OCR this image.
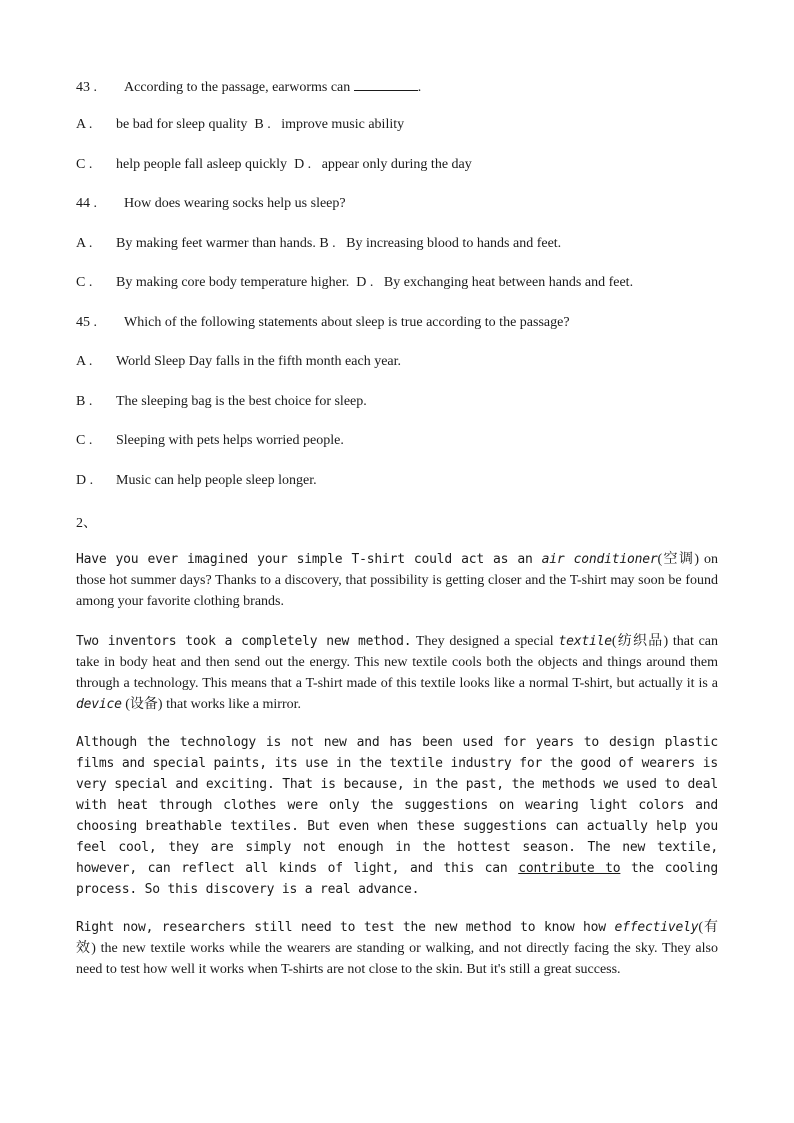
43 . According to the passage, earworms can	.
A . be bad for sleep quality B . improve music ability
C . help people fall asleep quickly D . appear only during the day
44 . How does wearing socks help us sleep?
A . By making feet warmer than hands. B . By increasing blood to hands and feet.
C . By making core body temperature higher. D . By exchanging heat between hands and feet.
45 . Which of the following statements about sleep is true according to the passage?
A . World Sleep Day falls in the fifth month each year.
B . The sleeping bag is the best choice for sleep.
C . Sleeping with pets helps worried people.
D . Music can help people sleep longer.
2、
Have you ever imagined your simple T-shirt could act as an air conditioner(空调) on those hot summer days? Thanks to a discovery, that possibility is getting closer and the T-shirt may soon be found among your favorite clothing brands.
Two inventors took a completely new method. They designed a special textile(纺织品) that can take in body heat and then send out the energy. This new textile cools both the objects and things around them through a technology. This means that a T-shirt made of this textile looks like a normal T-shirt, but actually it is a device (设备) that works like a mirror.
Although the technology is not new and has been used for years to design plastic films and special paints, its use in the textile industry for the good of wearers is very special and exciting. That is because, in the past, the methods we used to deal with heat through clothes were only the suggestions on wearing light colors and choosing breathable textiles. But even when these suggestions can actually help you feel cool, they are simply not enough in the hottest season. The new textile, however, can reflect all kinds of light, and this can contribute to the cooling process. So this discovery is a real advance.
Right now, researchers still need to test the new method to know how effectively(有效) the new textile works while the wearers are standing or walking, and not directly facing the sky. They also need to test how well it works when T-shirts are not close to the skin. But it's still a great success.
